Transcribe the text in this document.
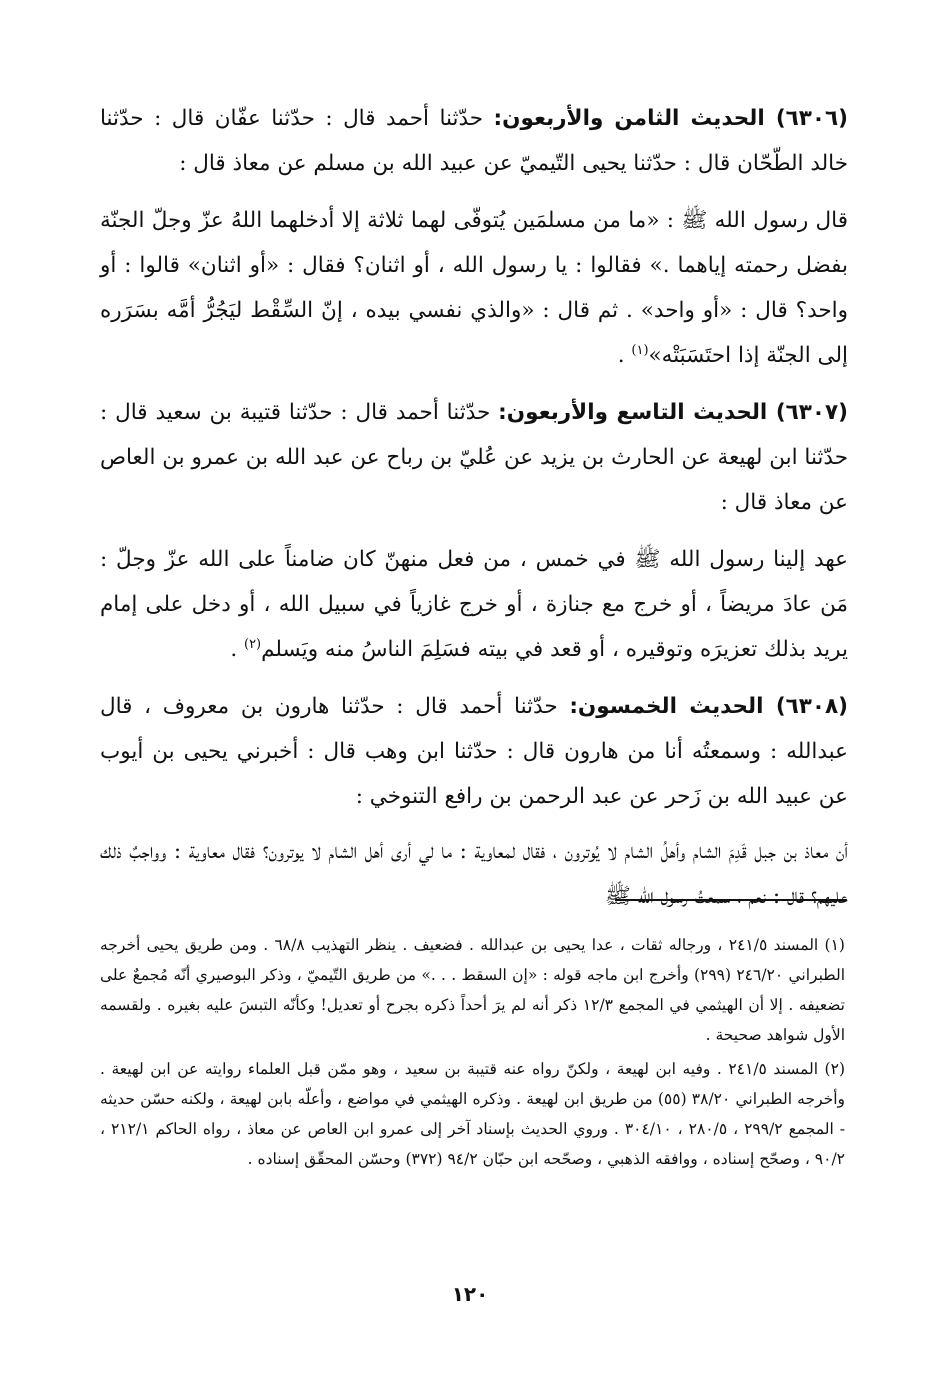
(٦٣٠٦) الحديث الثامن والأربعون: حدّثنا أحمد قال : حدّثنا عفّان قال : حدّثنا خالد الطّحّان قال : حدّثنا يحيى التّيميّ عن عبيد الله بن مسلم عن معاذ قال :

قال رسول الله ﷺ : «ما من مسلمَين يُتوفّى لهما ثلاثة إلا أدخلهما اللهُ عزّ وجلّ الجنّة بفضل رحمته إياهما .» فقالوا : يا رسول الله ، أو اثنان؟ فقال : «أو اثنان» قالوا : أو واحد؟ قال : «أو واحد» . ثم قال : «والذي نفسي بيده ، إنّ السِّقْط ليَجُرُّ أمَّه بسَرَره إلى الجنّة إذا احتَسَبَتْه»$^{(١)}$ .

(٦٣٠٧) الحديث التاسع والأربعون: حدّثنا أحمد قال : حدّثنا قتيبة بن سعيد قال : حدّثنا ابن لهيعة عن الحارث بن يزيد عن عُليّ بن رباح عن عبد الله بن عمرو بن العاص عن معاذ قال :

عهد إلينا رسول الله ﷺ في خمس ، من فعل منهنّ كان ضامناً على الله عزّ وجلّ : مَن عادَ مريضاً ، أو خرج مع جنازة ، أو خرج غازياً في سبيل الله ، أو دخل على إمام يريد بذلك تعزيرَه وتوقيره ، أو قعد في بيته فسَلِمَ الناسُ منه ويَسلم$^{(٢)}$ .

(٦٣٠٨) الحديث الخمسون: حدّثنا أحمد قال : حدّثنا هارون بن معروف ، قال عبدالله : وسمعتُه أنا من هارون قال : حدّثنا ابن وهب قال : أخبرني يحيى بن أيوب عن عبيد الله بن زَحر عن عبد الرحمن بن رافع التنوخي :

أن معاذ بن جبل قَدِمَ الشام وأهلُ الشام لا يُوترون ، فقال لمعاوية : ما لي أرى أهل الشام لا يوترون؟ فقال معاوية : وواجبٌ ذلك عليهم؟ قال : نعم ، سمعتُ رسول الله ﷺ

(١) المسند ٢٤١/٥ ، ورجاله ثقات ، عدا يحيى بن عبدالله . فضعيف . ينظر التهذيب ٦٨/٨ . ومن طريق يحيى أخرجه الطبراني ٢٤٦/٢٠ (٢٩٩) وأخرج ابن ماجه قوله : «إن السقط . . .» من طريق التّيميّ ، وذكر البوصيري أنّه مُجمعٌ على تضعيفه . إلا أن الهيثمي في المجمع ١٢/٣ ذكر أنه لم يرَ أحداً ذكره بجرح أو تعديل! وكأنّه التبسَ عليه بغيره . ولقسمه الأول شواهد صحيحة .

(٢) المسند ٢٤١/٥ . وفيه ابن لهيعة ، ولكنّ رواه عنه قتيبة بن سعيد ، وهو ممّن قبل العلماء روايته عن ابن لهيعة . وأخرجه الطبراني ٣٨/٢٠ (٥٥) من طريق ابن لهيعة . وذكره الهيثمي في مواضع ، وأعلّه بابن لهيعة ، ولكنه حسّن حديثه - المجمع ٢٩٩/٢ ، ٢٨٠/٥ ، ٣٠٤/١٠ . وروي الحديث بإسناد آخر إلى عمرو ابن العاص عن معاذ ، رواه الحاكم ٢١٢/١ ، ٩٠/٢ ، وصحّح إسناده ، ووافقه الذهبي ، وصحّحه ابن حبّان ٩٤/٢ (٣٧٢) وحسّن المحقّق إسناده .

١٢٠
